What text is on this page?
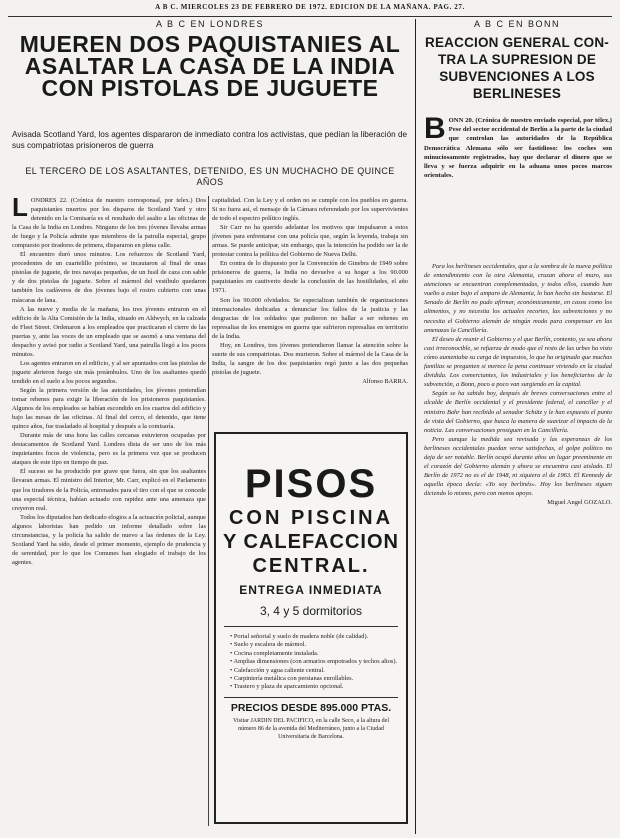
A B C. MIERCOLES 23 DE FEBRERO DE 1972. EDICION DE LA MAÑANA. PAG. 27.
A B C EN LONDRES
MUEREN DOS PAQUISTANIES AL
ASALTAR LA CASA DE LA INDIA
CON PISTOLAS DE JUGUETE
Avisada Scotland Yard, los agentes dispararon de inmediato contra los activistas, que pedían la liberación de sus compatriotas prisioneros de guerra
EL TERCERO DE LOS ASALTANTES, DETENIDO, ES UN MUCHACHO DE QUINCE AÑOS
L ONDRES 22. (Crónica de nuestro corresponsal, por telex.) Dos paquistaníes muertos por los disparos de Scotland Yard y otro detenido en la Comisaría es el resultado del asalto a las oficinas de la Casa de la India en Londres. Ninguno de los tres jóvenes llevaba armas de fuego y la Policía admite que miembros de la patrulla especial, grupo compuesto por tiradores de primera, dispararon en plena calle.

El encuentro duró unos minutos. Los refuerzos de Scotland Yard, procedentes de un cuartelillo próximo, se incautaron al final de unas pistolas de juguete, de tres navajas pequeñas, de un fusil de caza con sable y de dos pistolas de juguete. Sobre el mármol del vestíbulo quedaron también los cadáveres de dos jóvenes bajo el rostro cubierto con unas máscaras de lana.

A las nueve y media de la mañana, los tres jóvenes entraron en el edificio de la Alta Comisión de la India, situado en Aldwych, en la calzada de Fleet Street. Ordenaron a los empleados que practicaran el cierre de las puertas y, ante las voces de un empleado que se asomó a una ventana del despacho y avisó por radio a Scotland Yard, una patrulla llegó a los pocos minutos.

Los agentes entraron en el edificio, y al ser apuntados con las pistolas de juguete abrieron fuego sin más preámbulos. Uno de los asaltantes quedó tendido en el suelo a los pocos segundos.

Según la primera versión de las autoridades, los jóvenes pretendían tomar rehenes para exigir la liberación de los prisioneros paquistaníes. Algunos de los empleados se habían escondido en los cuartos del edificio y bajo las mesas de las oficinas. Al final del cerco, el detenido, que tiene quince años, fue trasladado al hospital y después a la comisaría.

Durante más de una hora las calles cercanas estuvieron ocupadas por destacamentos de Scotland Yard. Londres dista de ser uno de los más inquietantes focos de violencia, pero es la primera vez que se producen ataques de este tipo en tiempo de paz.

El suceso se ha producido por grave que fuera, sin que los asaltantes llevaran armas. El ministro del Interior, Mr. Carr, explicó en el Parlamento que los tiradores de la Policía, entrenados para el tiro con el que se concede una especial técnica, habían actuado con rapidez ante una amenaza que creyeron real.

Todos los diputados han dedicado elogios a la actuación policial, aunque algunos laboristas han pedido un informe detallado sobre las circunstancias, y la policía ha salido de nuevo a las órdenes de la Ley. Scotland Yard ha sido, desde el primer momento, ejemplo de prudencia y de serenidad, por lo que los Comunes han elogiado el trabajo de los agentes.

capitalidad. Con la Ley y el orden no se cumple con los pueblos en guerra. Si no fuera así, el mensaje de la Cámara referendado por los supervivientes de todo el espectro político inglés.

Sir Carr no ha querido adelantar los motivos que impulsaron a estos jóvenes para enfrentarse con una policía que, según la leyenda, trabaja sin armas. Se puede anticipar, sin embargo, que la intención ha podido ser la de protestar contra la política del Gobierno de Nueva Delhi.

En contra de lo dispuesto por la Convención de Ginebra de 1949 sobre prisioneros de guerra, la India no devuelve a su hogar a los 90.000 paquistaníes en cautiverio desde la conclusión de las hostilidades, el año 1971.

Son los 90.000 olvidados. Se especializan también de organizaciones internacionales dedicadas a denunciar los fallos de la justicia y las desgracias de los soldados que pudieron no hallar a ser rehenes en represalias de los enemigos en guerra que sufrieron represalias en territorio de la India.

Hoy, en Londres, tres jóvenes pretendieron llamar la atención sobre la suerte de sus compatriotas. Dos murieron. Sobre el mármol de la Casa de la India, la sangre de los dos paquistaníes regó junto a las dos pequeñas pistolas de juguete.

Alfonso BARRA.

PISOS
CON PISCINA
Y CALEFACCION
CENTRAL.
ENTREGA INMEDIATA
3, 4 y 5 dormitorios
• Portal señorial y suelo de madera noble (de calidad).
• Suelo y escalera de mármol.
• Cocina completamente instalada.
• Amplias dimensiones (con armarios empotrados y techos altos).
• Calefacción y agua caliente central.
• Carpintería metálica con persianas enrollables.
• Trastero y plaza de aparcamiento opcional.
PRECIOS DESDE 895.000 PTAS.
Visitar JARDIN DEL PACIFICO, en la calle Seco, a la altura del número 86 de la avenida del Mediterráneo, junto a la Ciudad Universitaria de Barcelona.
A B C EN BONN
REACCION GENERAL CON-
TRA LA SUPRESION DE
SUBVENCIONES A LOS
BERLINESES
B ONN 20. (Crónica de nuestro enviado especial, por télex.) Pese del sector occidental de Berlín a la parte de la ciudad que controlan las autoridades de la República Democrática Alemana sólo ser fastidioso: los coches son minuciosamente registrados, hay que declarar el dinero que se lleva y se fuerza adquirir en la aduana unos pocos marcos orientales.

Para los berlineses occidentales, que a la sombra de la nueva política de entendimiento con la otra Alemania, cruzan ahora el muro, sus atenciones se encuentran complementadas, y todos ellos, cuando han vuelto a estar bajo el amparo de Alemania, lo han hecho sin bastarse. El Senado de Berlín no pudo afirmar, económicamente, en casos como los alimentos, y no necesita los actuales recortes, las subvenciones y no necesita el Gobierno alemán de ningún modo para compensar en las amenazas la Cancillería.

El deseo de reunir el Gobierno y el que Berlín, contento, ya sea ahora casi irreconocible, se refuerza de modo que el resto de las urbes ha visto cómo aumentaba su carga de impuestos, lo que ha originado que muchas familias se pregunten si merece la pena continuar viviendo en la ciudad dividida. Los comerciantes, los industriales y los beneficiarios de la subvención, a Bonn, poco a poco van surgiendo en la capital.

Según se ha sabido hoy, después de breves conversaciones entre el alcalde de Berlín occidental y el presidente federal, el canciller y el ministro Bahr han recibido al senador Schütz y le han expuesto el punto de vista del Gobierno, que busca la manera de suavizar el impacto de la noticia. Las conversaciones prosiguen en la Cancillería.

Pero aunque la medida sea revisada y las esperanzas de los berlineses occidentales puedan verse satisfechas, el golpe político no deja de ser notable. Berlín ocupó durante años un lugar preeminente en el corazón del Gobierno alemán y ahora se encuentra casi aislado. El Berlín de 1972 no es el de 1948, ni siquiera el de 1963. El Kennedy de aquella época decía: «Yo soy berlinés». Hoy los berlineses siguen diciendo lo mismo, pero con menos apoyo.

Miguel Angel GOZALO.
